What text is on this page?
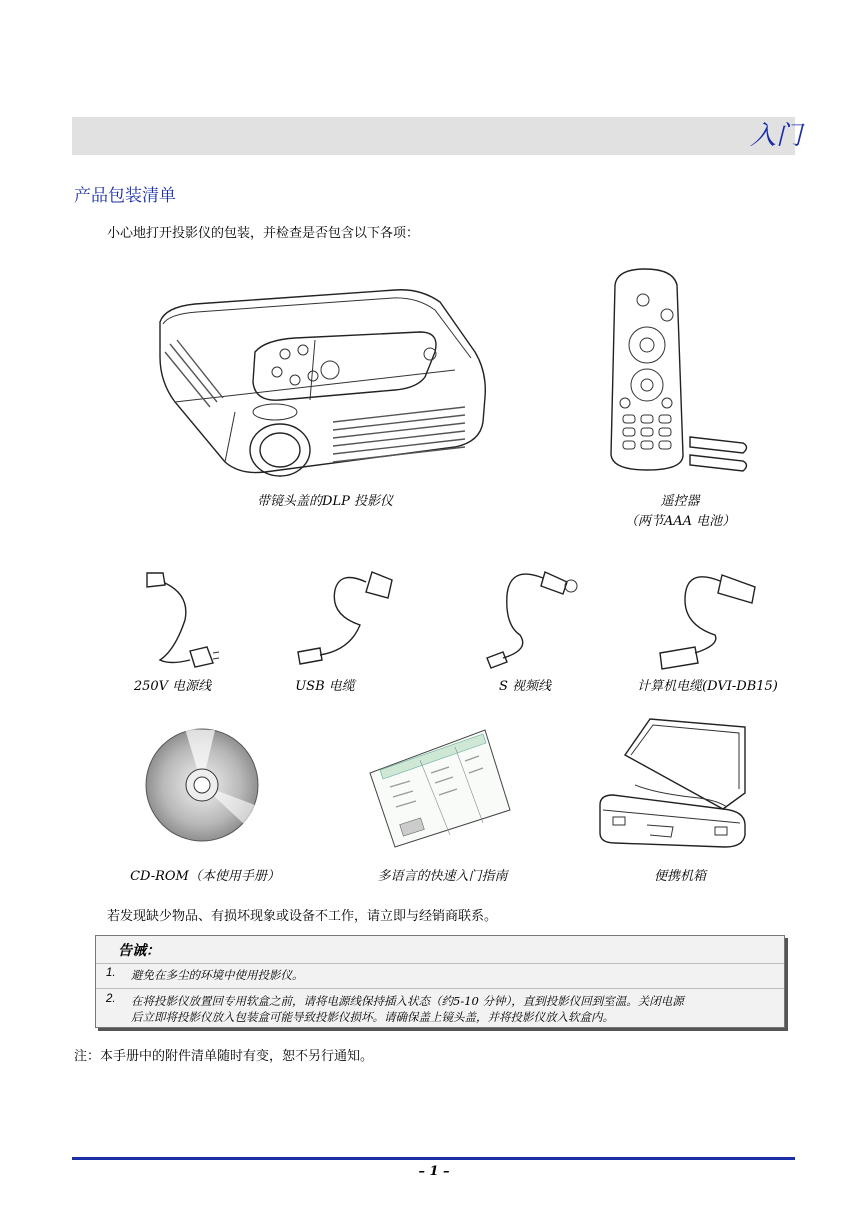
入门
产品包装清单
小心地打开投影仪的包装，并检查是否包含以下各项：
带镜头盖的DLP 投影仪	遥控器
（两节AAA 电池）
250V 电源线	USB 电缆	S 视频线	计算机电缆(DVI-DB15)
CD-ROM（本使用手册）	多语言的快速入门指南	便携机箱
若发现缺少物品、有损坏现象或设备不工作，请立即与经销商联系。
告诫：
1. 避免在多尘的环境中使用投影仪。
2. 在将投影仪放置回专用软盒之前，请将电源线保持插入状态（约5-10 分钟），直到投影仪回到室温。关闭电源
后立即将投影仪放入包装盒可能导致投影仪损坏。请确保盖上镜头盖，并将投影仪放入软盒内。
注：本手册中的附件清单随时有变，恕不另行通知。
– 1 –
